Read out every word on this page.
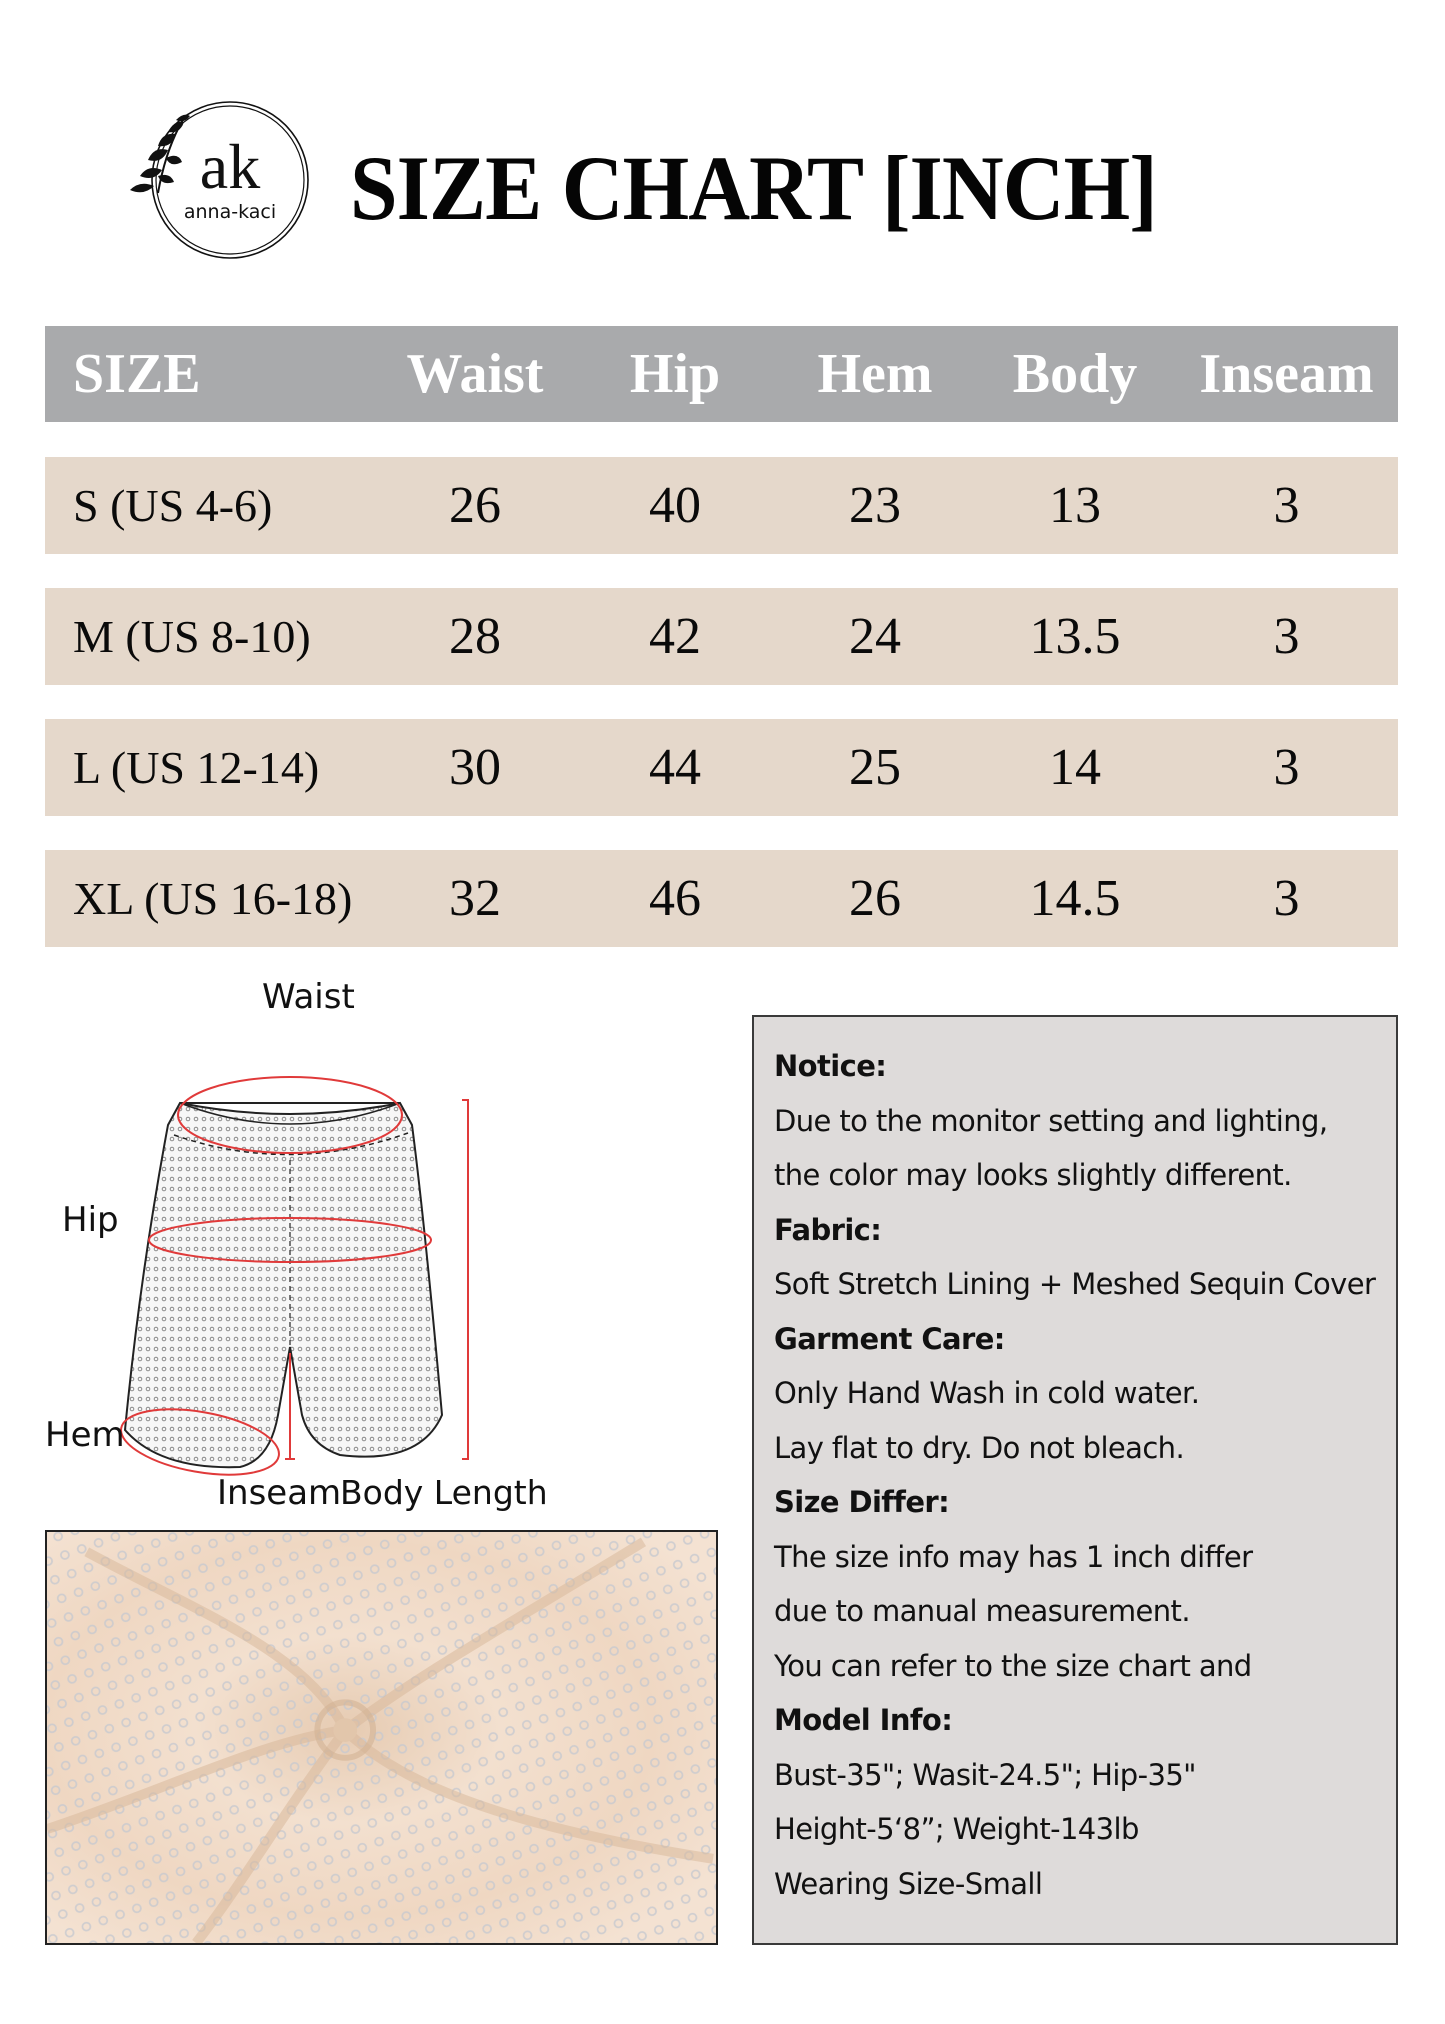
ak
anna-kaci SIZE CHART [INCH]
SIZE	Waist	Hip	Hem	Body	Inseam
S (US 4-6)	26	40	23	13	3
M (US 8-10)	28	42	24	13.5	3
L (US 12-14)	30	44	25	14	3
XL (US 16-18)	32	46	26	14.5	3
Waist
Hip
Hem
Inseam
Body Length
Notice:
Due to the monitor setting and lighting,
the color may looks slightly different.
Fabric:
Soft Stretch Lining + Meshed Sequin Cover
Garment Care:
Only Hand Wash in cold water.
Lay flat to dry. Do not bleach.
Size Differ:
The size info may has 1 inch differ
due to manual measurement.
You can refer to the size chart and
Model Info:
Bust-35"; Wasit-24.5"; Hip-35"
Height-5‘8”; Weight-143lb
Wearing Size-Small
